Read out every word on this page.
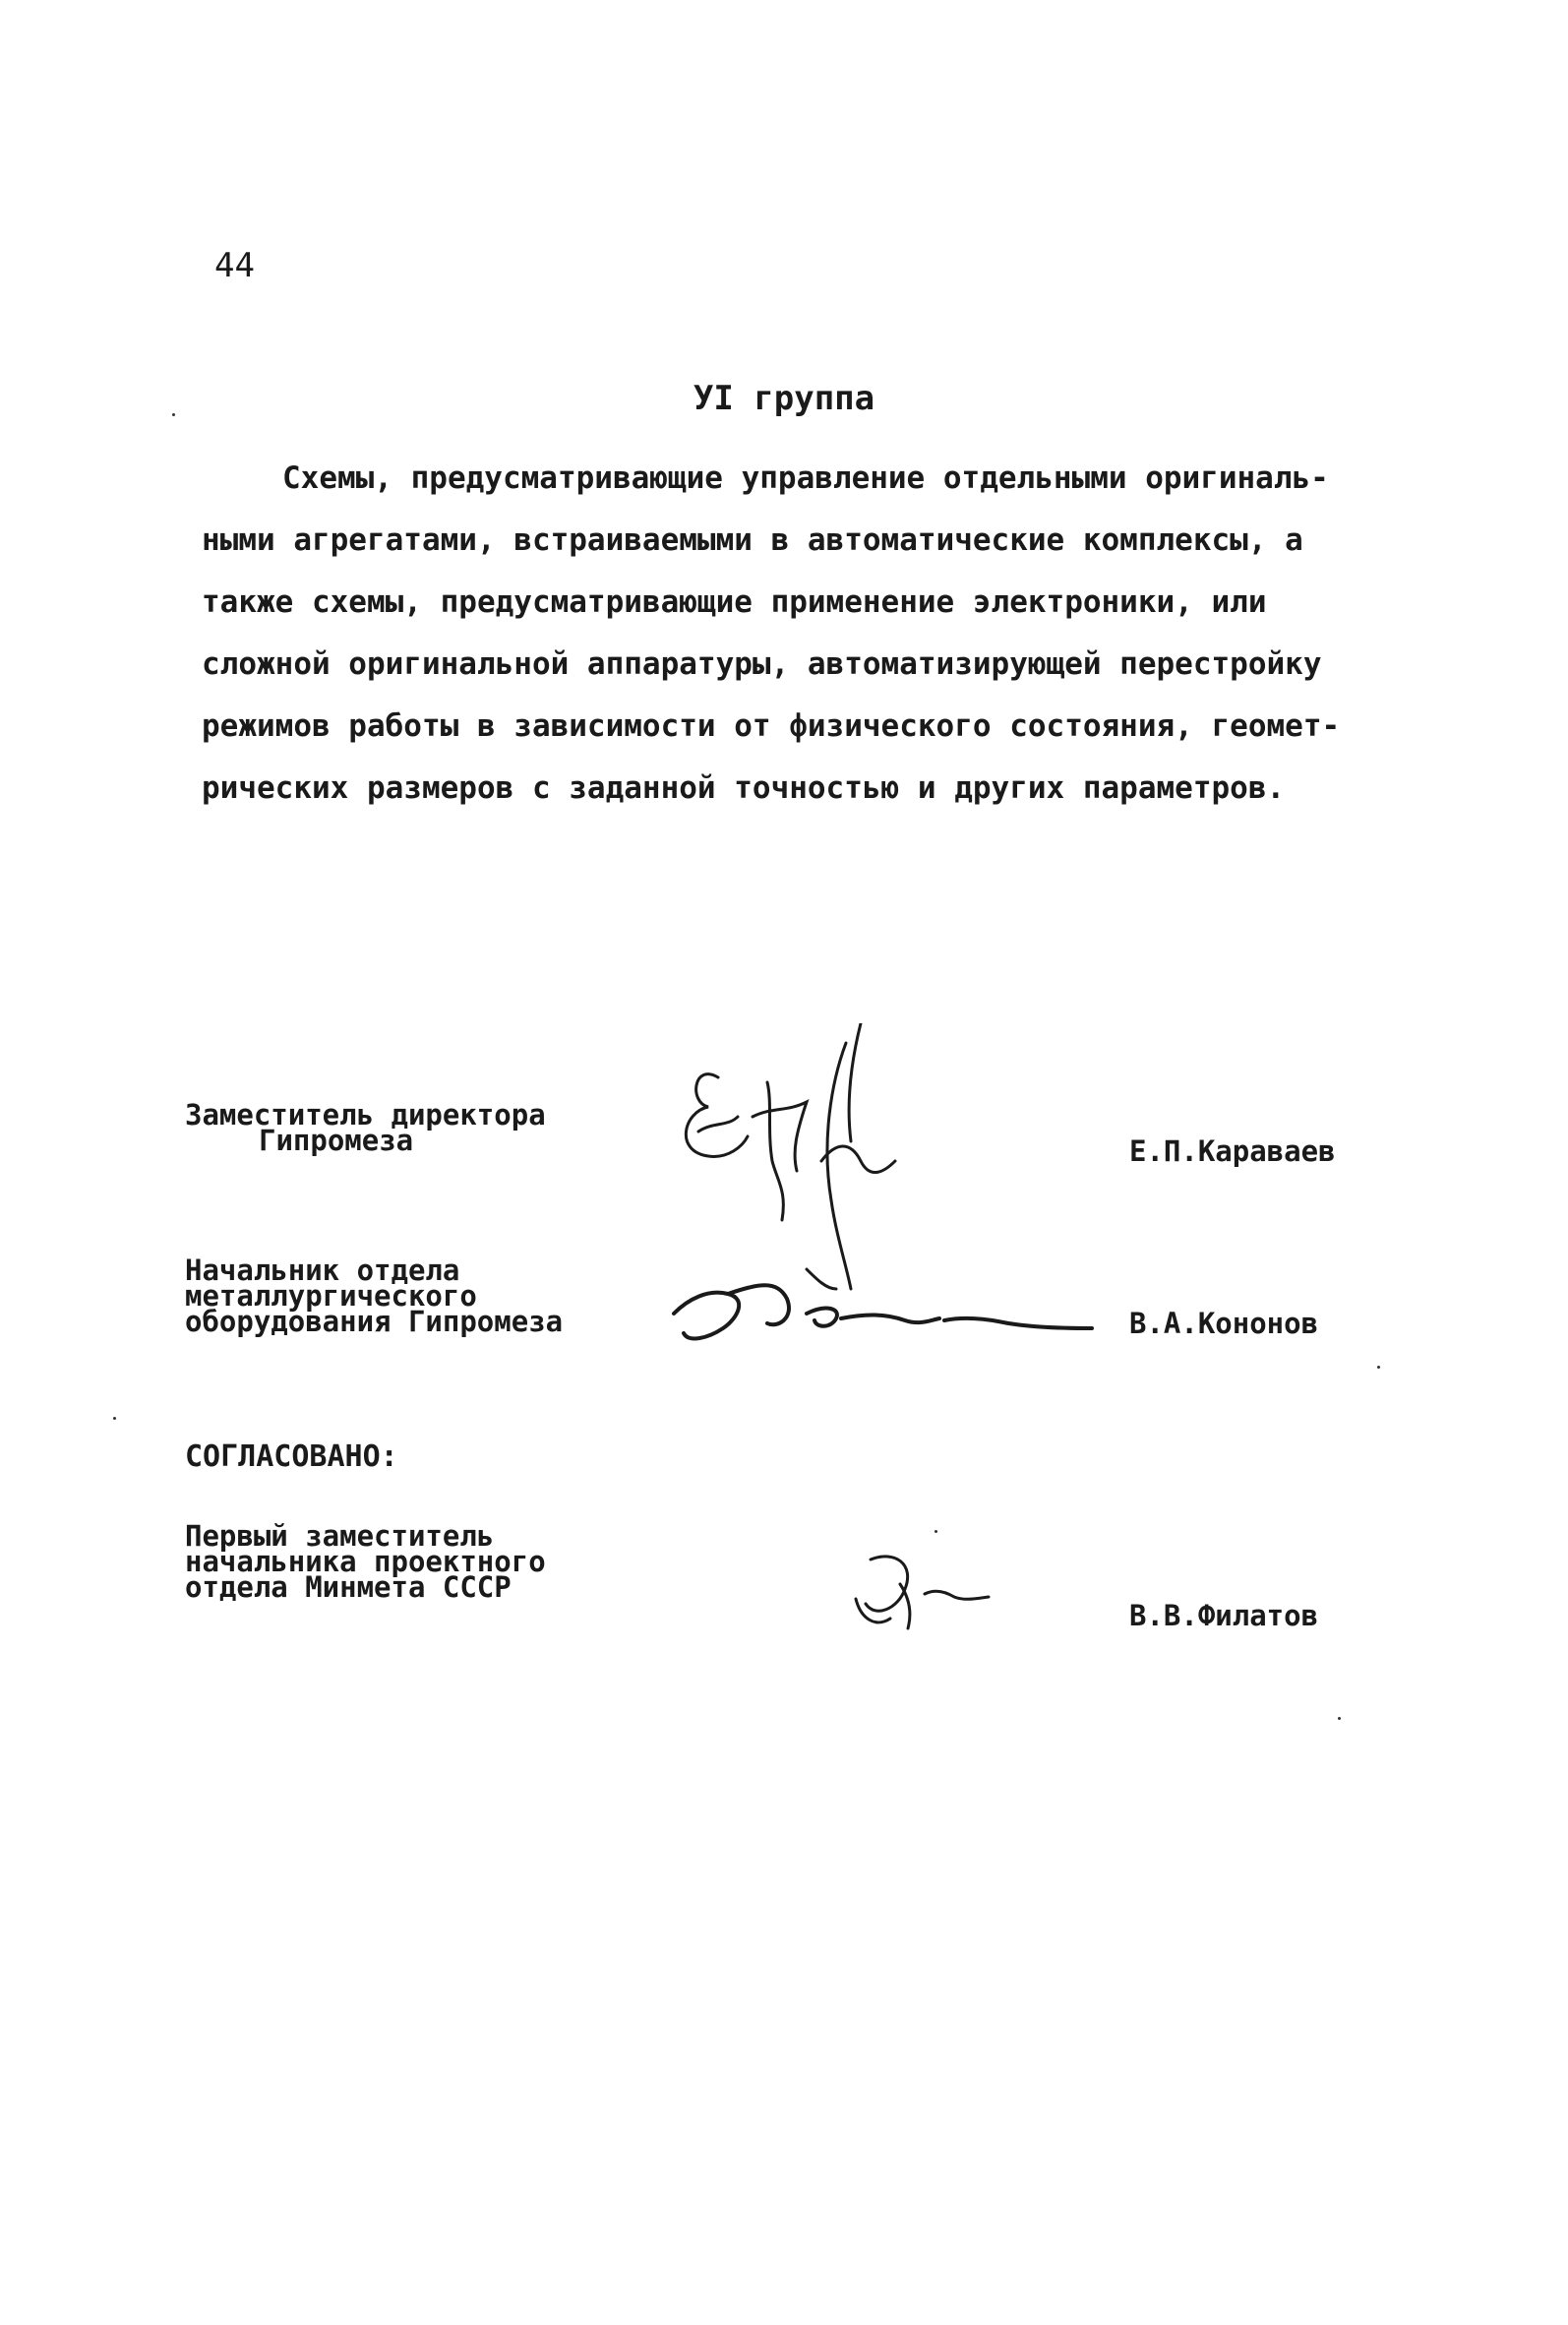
44
УI группа

Схемы, предусматривающие управление отдельными оригиналь-

ными агрегатами, встраиваемыми в автоматические комплексы, а

также схемы, предусматривающие применение электроники, или

сложной оригинальной аппаратуры, автоматизирующей перестройку

режимов работы в зависимости от физического состояния, геомет-

рических размеров с заданной точностью и других параметров.

Заместитель директора

Гипромеза	Е.П.Караваев

Начальник отдела

металлургического

оборудования Гипромеза	В.А.Кононов
СОГЛАСОВАНО:

Первый заместитель

начальника проектного

отдела Минмета СССР

В.В.Филатов
